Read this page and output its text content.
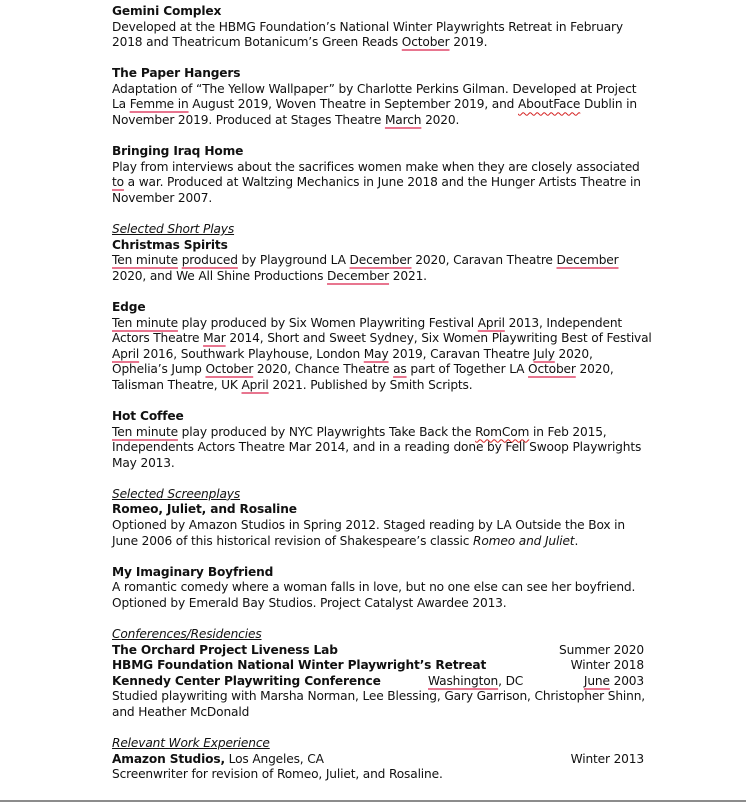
Gemini Complex
Developed at the HBMG Foundation’s National Winter Playwrights Retreat in February 2018 and Theatricum Botanicum’s Green Reads October 2019.
The Paper Hangers
Adaptation of “The Yellow Wallpaper” by Charlotte Perkins Gilman. Developed at Project La Femme in August 2019, Woven Theatre in September 2019, and AboutFace Dublin in November 2019. Produced at Stages Theatre March 2020.
Bringing Iraq Home
Play from interviews about the sacrifices women make when they are closely associated to a war. Produced at Waltzing Mechanics in June 2018 and the Hunger Artists Theatre in November 2007.
Selected Short Plays
Christmas Spirits
Ten minute produced by Playground LA December 2020, Caravan Theatre December 2020, and We All Shine Productions December 2021.
Edge
Ten minute play produced by Six Women Playwriting Festival April 2013, Independent Actors Theatre Mar 2014, Short and Sweet Sydney, Six Women Playwriting Best of Festival April 2016, Southwark Playhouse, London May 2019, Caravan Theatre July 2020, Ophelia’s Jump October 2020, Chance Theatre as part of Together LA October 2020, Talisman Theatre, UK April 2021. Published by Smith Scripts.
Hot Coffee
Ten minute play produced by NYC Playwrights Take Back the RomCom in Feb 2015, Independents Actors Theatre Mar 2014, and in a reading done by Fell Swoop Playwrights May 2013.
Selected Screenplays
Romeo, Juliet, and Rosaline
Optioned by Amazon Studios in Spring 2012. Staged reading by LA Outside the Box in June 2006 of this historical revision of Shakespeare’s classic Romeo and Juliet.
My Imaginary Boyfriend
A romantic comedy where a woman falls in love, but no one else can see her boyfriend. Optioned by Emerald Bay Studios. Project Catalyst Awardee 2013.
Conferences/Residencies
The Orchard Project Liveness Lab	Summer 2020
HBMG Foundation National Winter Playwright’s Retreat	Winter 2018
Kennedy Center Playwriting Conference	Washington, DC	June 2003
Studied playwriting with Marsha Norman, Lee Blessing, Gary Garrison, Christopher Shinn, and Heather McDonald
Relevant Work Experience
Amazon Studios, Los Angeles, CA	Winter 2013
Screenwriter for revision of Romeo, Juliet, and Rosaline.
